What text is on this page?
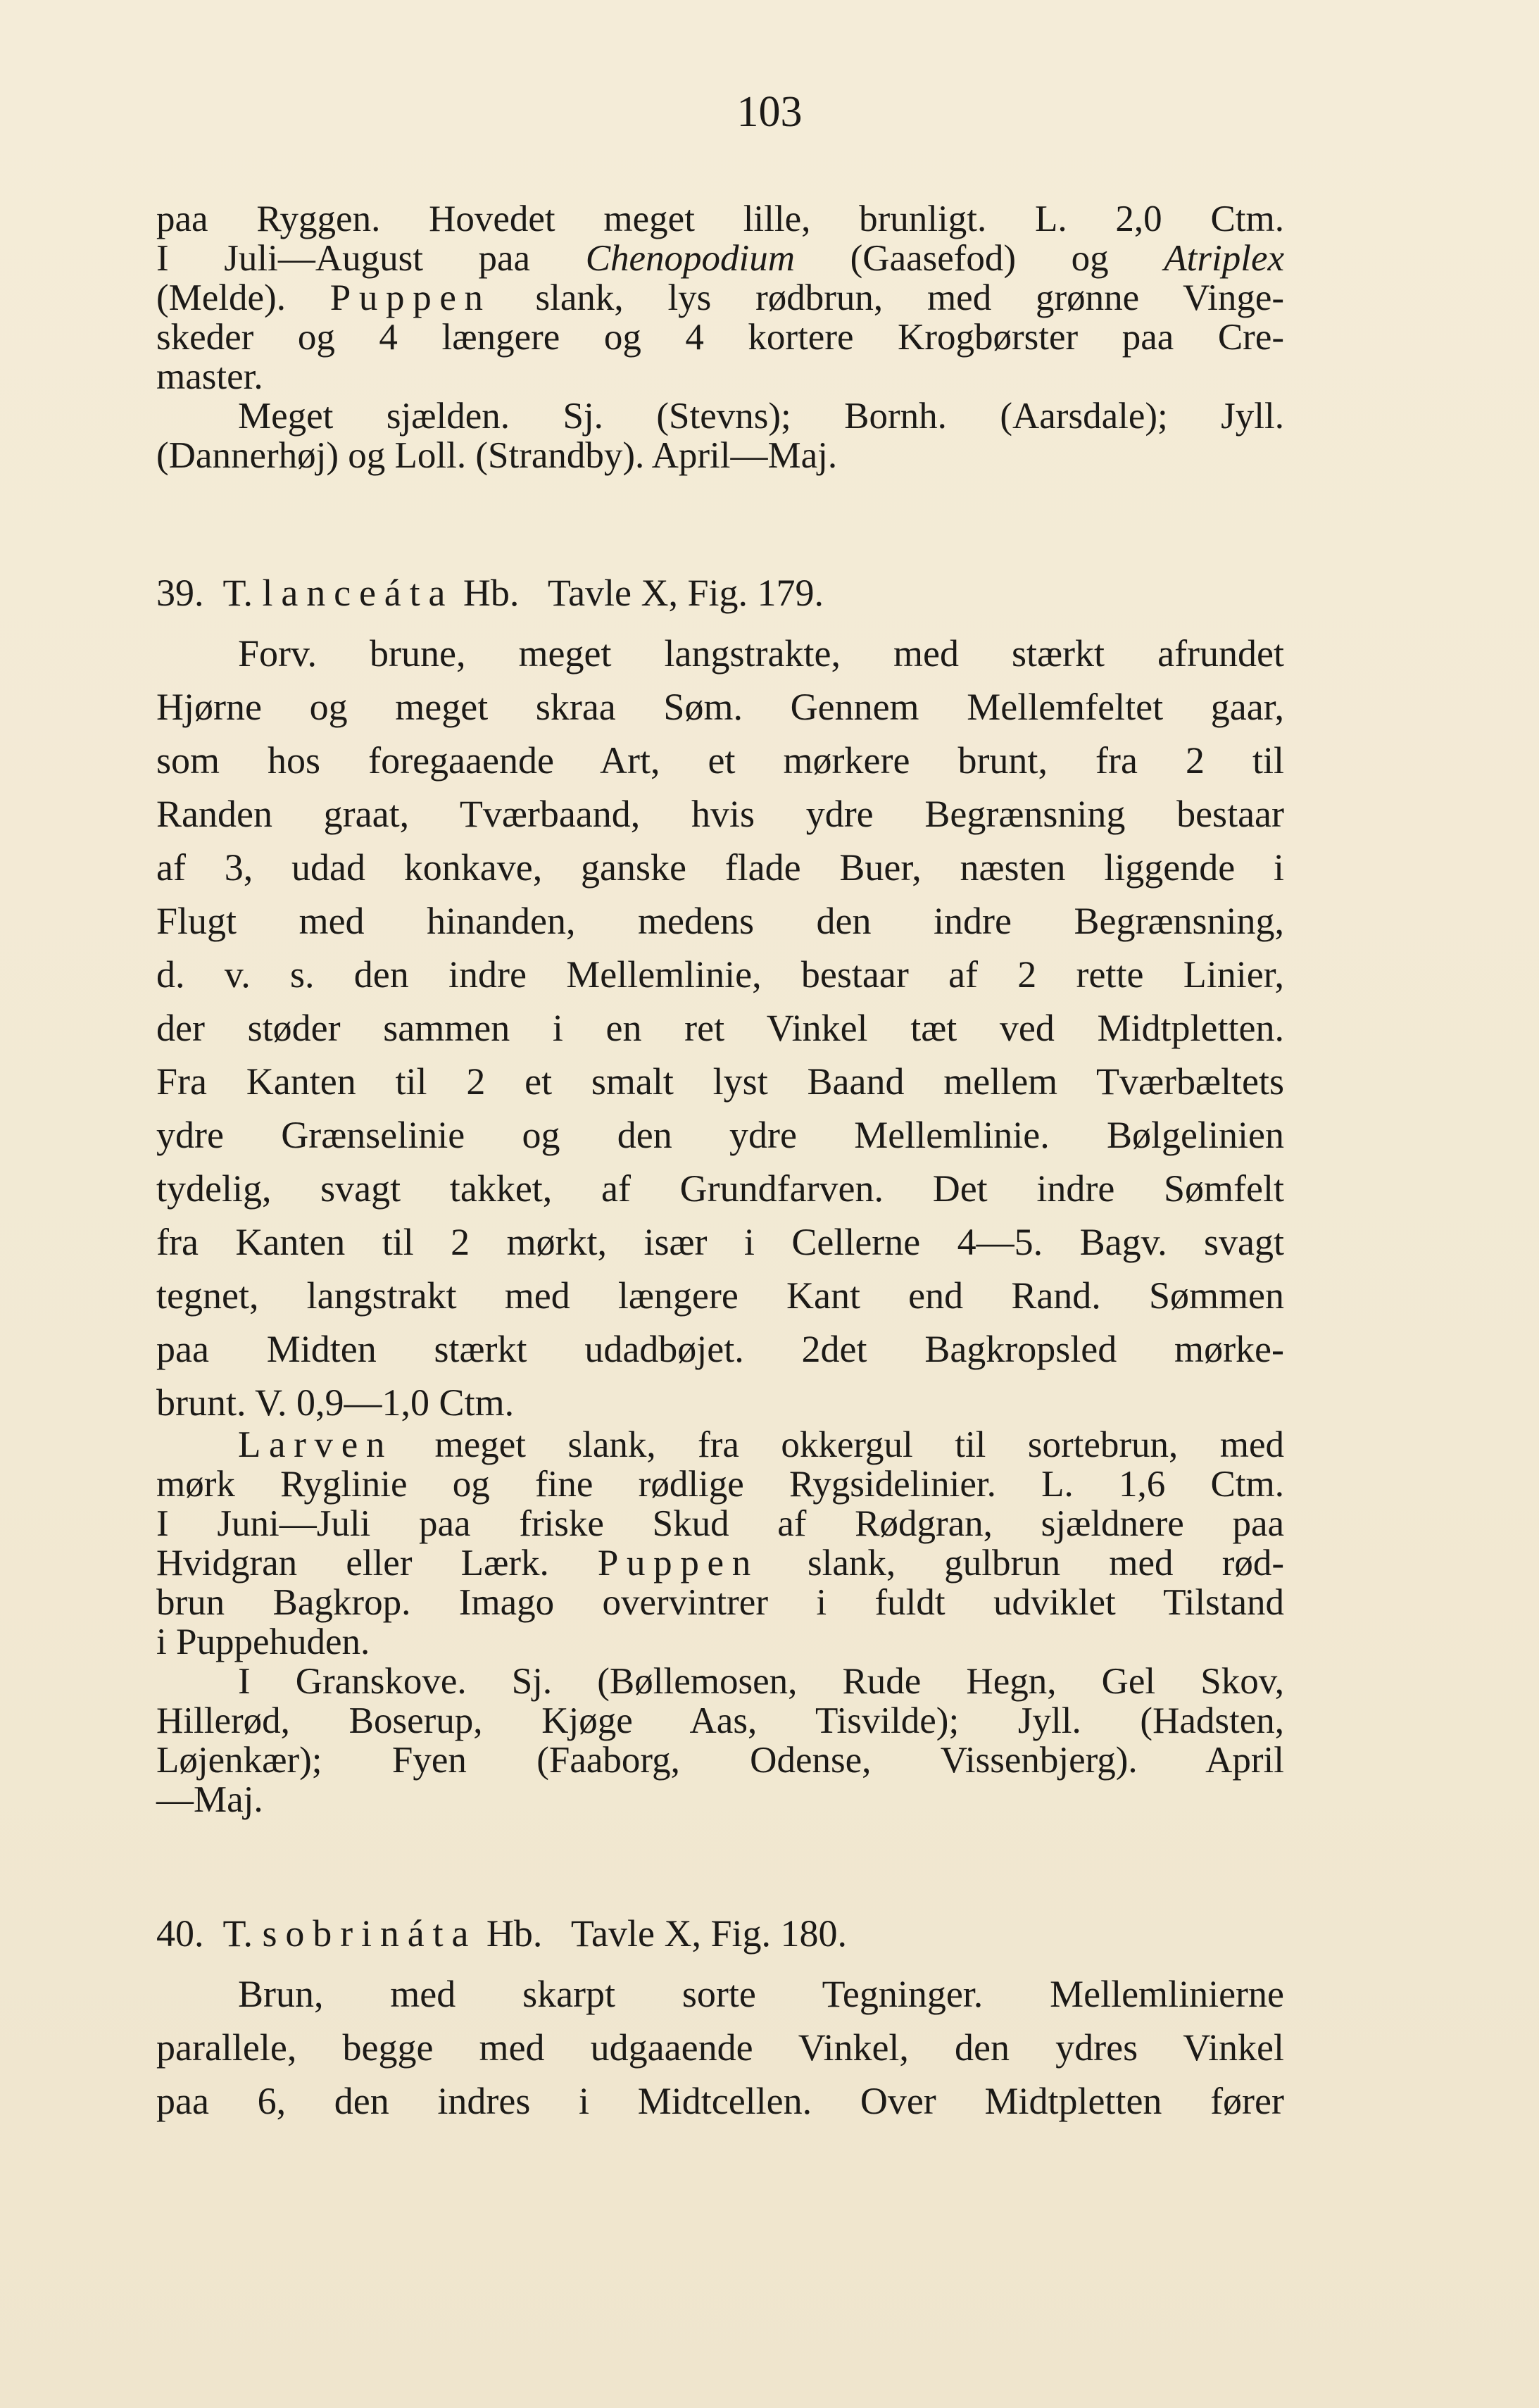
103
paa Ryggen. Hovedet meget lille, brunligt. L. 2,0 Ctm.
I Juli—August paa Chenopodium (Gaasefod) og Atriplex
(Melde). Puppen slank, lys rødbrun, med grønne Vinge-
skeder og 4 længere og 4 kortere Krogbørster paa Cre-
master.
Meget sjælden. Sj. (Stevns); Bornh. (Aarsdale); Jyll.
(Dannerhøj) og Loll. (Strandby). April—Maj.
39. T. lanceáta Hb. Tavle X, Fig. 179.
Forv. brune, meget langstrakte, med stærkt afrundet
Hjørne og meget skraa Søm. Gennem Mellemfeltet gaar,
som hos foregaaende Art, et mørkere brunt, fra 2 til
Randen graat, Tværbaand, hvis ydre Begrænsning bestaar
af 3, udad konkave, ganske flade Buer, næsten liggende i
Flugt med hinanden, medens den indre Begrænsning,
d. v. s. den indre Mellemlinie, bestaar af 2 rette Linier,
der støder sammen i en ret Vinkel tæt ved Midtpletten.
Fra Kanten til 2 et smalt lyst Baand mellem Tværbæltets
ydre Grænselinie og den ydre Mellemlinie. Bølgelinien
tydelig, svagt takket, af Grundfarven. Det indre Sømfelt
fra Kanten til 2 mørkt, især i Cellerne 4—5. Bagv. svagt
tegnet, langstrakt med længere Kant end Rand. Sømmen
paa Midten stærkt udadbøjet. 2det Bagkropsled mørke-
brunt. V. 0,9—1,0 Ctm.
Larven meget slank, fra okkergul til sortebrun, med
mørk Ryglinie og fine rødlige Rygsidelinier. L. 1,6 Ctm.
I Juni—Juli paa friske Skud af Rødgran, sjældnere paa
Hvidgran eller Lærk. Puppen slank, gulbrun med rød-
brun Bagkrop. Imago overvintrer i fuldt udviklet Tilstand
i Puppehuden.
I Granskove. Sj. (Bøllemosen, Rude Hegn, Gel Skov,
Hillerød, Boserup, Kjøge Aas, Tisvilde); Jyll. (Hadsten,
Løjenkær); Fyen (Faaborg, Odense, Vissenbjerg). April
—Maj.
40. T. sobrináta Hb. Tavle X, Fig. 180.
Brun, med skarpt sorte Tegninger. Mellemlinierne
parallele, begge med udgaaende Vinkel, den ydres Vinkel
paa 6, den indres i Midtcellen. Over Midtpletten fører
